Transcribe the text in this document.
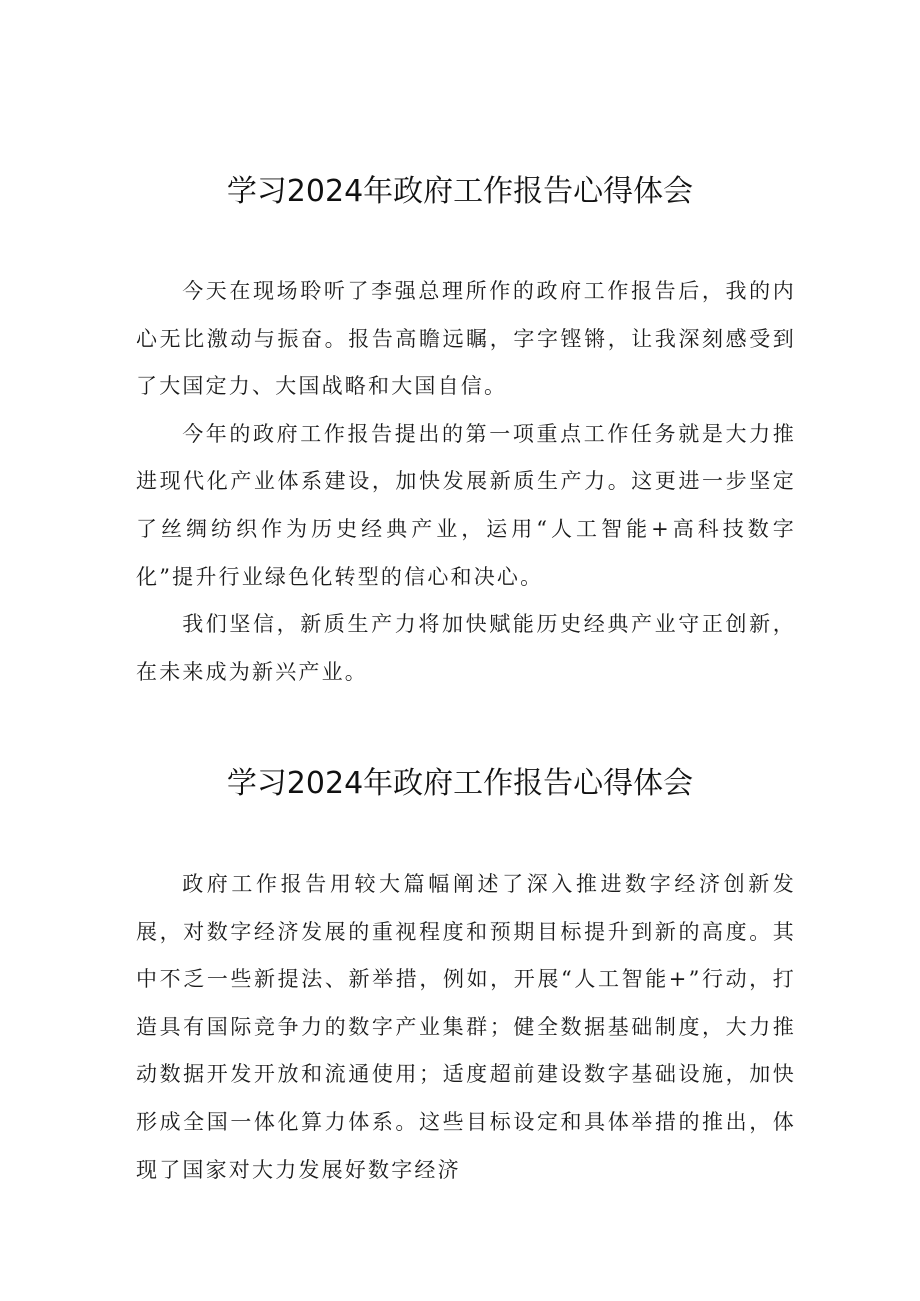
学习2024年政府工作报告心得体会

今天在现场聆听了李强总理所作的政府工作报告后，我的内心无比激动与振奋。报告高瞻远瞩，字字铿锵，让我深刻感受到了大国定力、大国战略和大国自信。

今年的政府工作报告提出的第一项重点工作任务就是大力推进现代化产业体系建设，加快发展新质生产力。这更进一步坚定了丝绸纺织作为历史经典产业，运用“人工智能+高科技数字化”提升行业绿色化转型的信心和决心。

我们坚信，新质生产力将加快赋能历史经典产业守正创新，在未来成为新兴产业。

学习2024年政府工作报告心得体会

政府工作报告用较大篇幅阐述了深入推进数字经济创新发展，对数字经济发展的重视程度和预期目标提升到新的高度。其中不乏一些新提法、新举措，例如，开展“人工智能+”行动，打造具有国际竞争力的数字产业集群；健全数据基础制度，大力推动数据开发开放和流通使用；适度超前建设数字基础设施，加快形成全国一体化算力体系。这些目标设定和具体举措的推出，体现了国家对大力发展好数字经济
